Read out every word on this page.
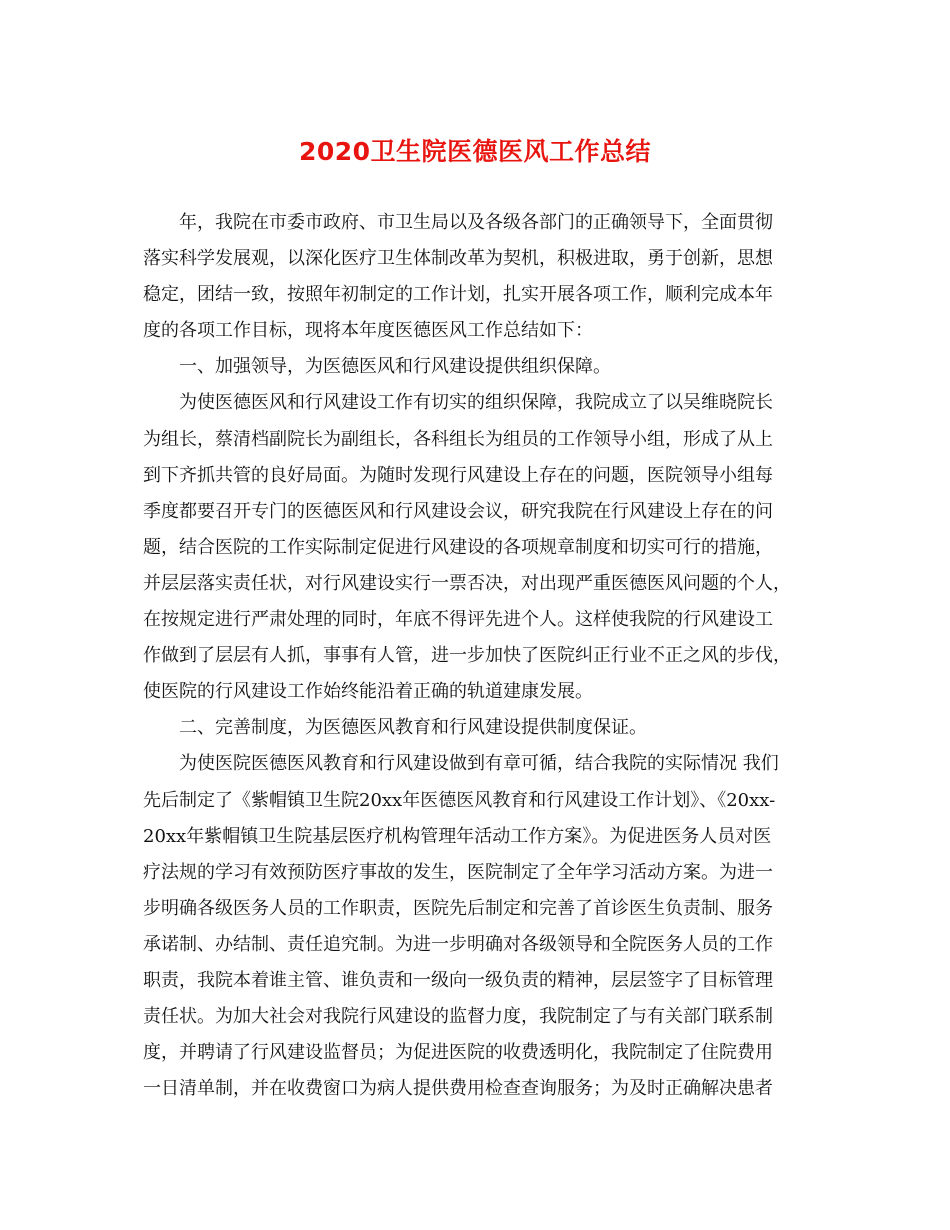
2020卫生院医德医风工作总结
年，我院在市委市政府、市卫生局以及各级各部门的正确领导下，全面贯彻
落实科学发展观，以深化医疗卫生体制改革为契机，积极进取，勇于创新，思想
稳定，团结一致，按照年初制定的工作计划，扎实开展各项工作，顺利完成本年
度的各项工作目标，现将本年度医德医风工作总结如下：
一、加强领导，为医德医风和行风建设提供组织保障。
为使医德医风和行风建设工作有切实的组织保障，我院成立了以吴维晓院长
为组长，蔡清档副院长为副组长，各科组长为组员的工作领导小组，形成了从上
到下齐抓共管的良好局面。为随时发现行风建设上存在的问题，医院领导小组每
季度都要召开专门的医德医风和行风建设会议，研究我院在行风建设上存在的问
题，结合医院的工作实际制定促进行风建设的各项规章制度和切实可行的措施，
并层层落实责任状，对行风建设实行一票否决，对出现严重医德医风问题的个人，
在按规定进行严肃处理的同时，年底不得评先进个人。这样使我院的行风建设工
作做到了层层有人抓，事事有人管，进一步加快了医院纠正行业不正之风的步伐，
使医院的行风建设工作始终能沿着正确的轨道建康发展。
二、完善制度，为医德医风教育和行风建设提供制度保证。
为使医院医德医风教育和行风建设做到有章可循，结合我院的实际情况 我们
先后制定了《紫帽镇卫生院20xx年医德医风教育和行风建设工作计划》、《20xx-
20xx年紫帽镇卫生院基层医疗机构管理年活动工作方案》。为促进医务人员对医
疗法规的学习有效预防医疗事故的发生，医院制定了全年学习活动方案。为进一
步明确各级医务人员的工作职责，医院先后制定和完善了首诊医生负责制、服务
承诺制、办结制、责任追究制。为进一步明确对各级领导和全院医务人员的工作
职责，我院本着谁主管、谁负责和一级向一级负责的精神，层层签字了目标管理
责任状。为加大社会对我院行风建设的监督力度，我院制定了与有关部门联系制
度，并聘请了行风建设监督员；为促进医院的收费透明化，我院制定了住院费用
一日清单制，并在收费窗口为病人提供费用检查查询服务；为及时正确解决患者
